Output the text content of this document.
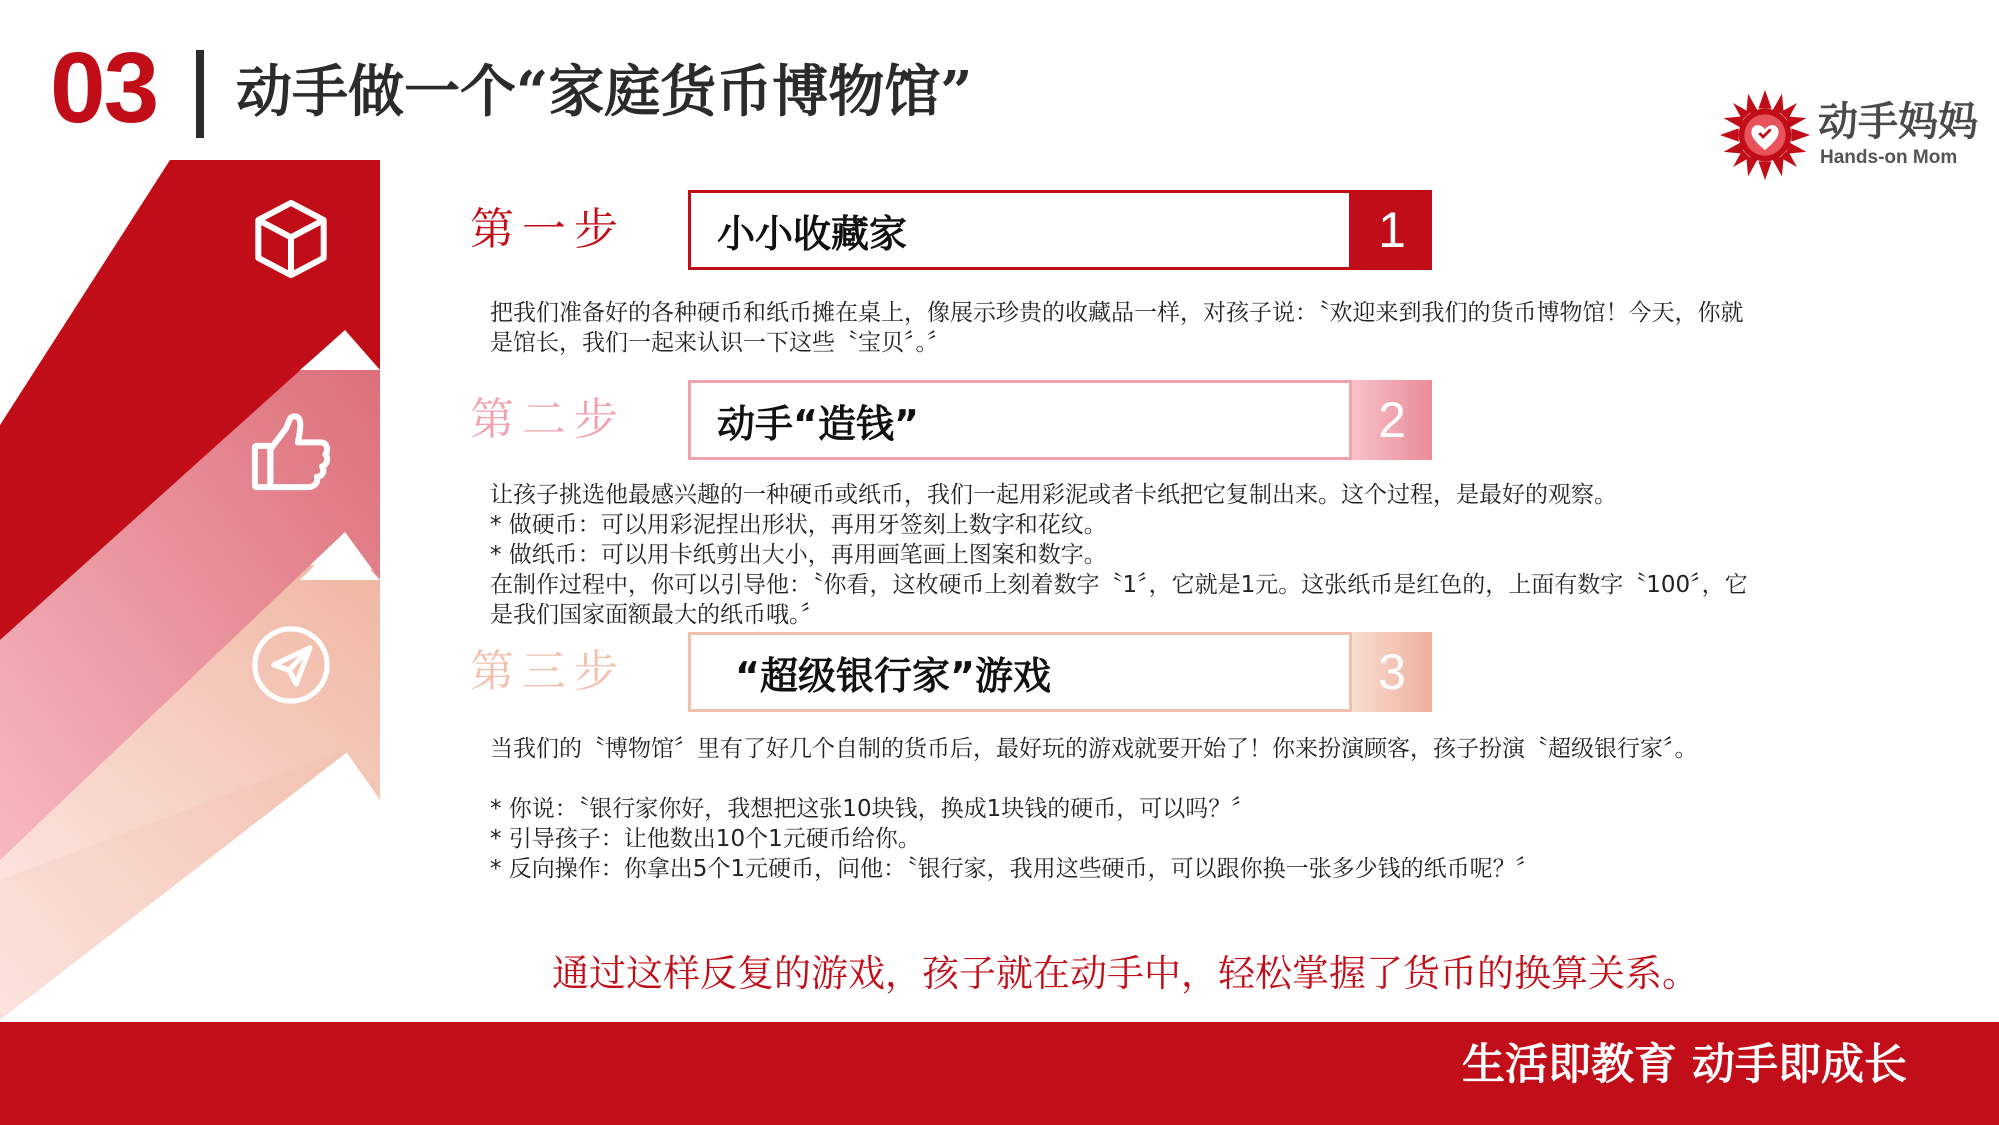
03 动手做一个“家庭货币博物馆”	动手妈妈
Hands-on Mom
第一步	小小收藏家	1
把我们准备好的各种硬币和纸币摊在桌上，像展示珍贵的收藏品一样，对孩子说：〝欢迎来到我们的货币博物馆！今天，你就
是馆长，我们一起来认识一下这些〝宝贝〞。〞
第二步	动手“造钱”	2
让孩子挑选他最感兴趣的一种硬币或纸币，我们一起用彩泥或者卡纸把它复制出来。这个过程，是最好的观察。
* 做硬币：可以用彩泥捏出形状，再用牙签刻上数字和花纹。
* 做纸币：可以用卡纸剪出大小，再用画笔画上图案和数字。
在制作过程中，你可以引导他：〝你看，这枚硬币上刻着数字〝1〞，它就是1元。这张纸币是红色的，上面有数字〝100〞，它
是我们国家面额最大的纸币哦。〞
第三步	“超级银行家”游戏	3
当我们的〝博物馆〞里有了好几个自制的货币后，最好玩的游戏就要开始了！你来扮演顾客，孩子扮演〝超级银行家〞。
* 你说：〝银行家你好，我想把这张10块钱，换成1块钱的硬币，可以吗？〞
* 引导孩子：让他数出10个1元硬币给你。
* 反向操作：你拿出5个1元硬币，问他：〝银行家，我用这些硬币，可以跟你换一张多少钱的纸币呢？〞
通过这样反复的游戏，孩子就在动手中，轻松掌握了货币的换算关系。
生活即教育 动手即成长
